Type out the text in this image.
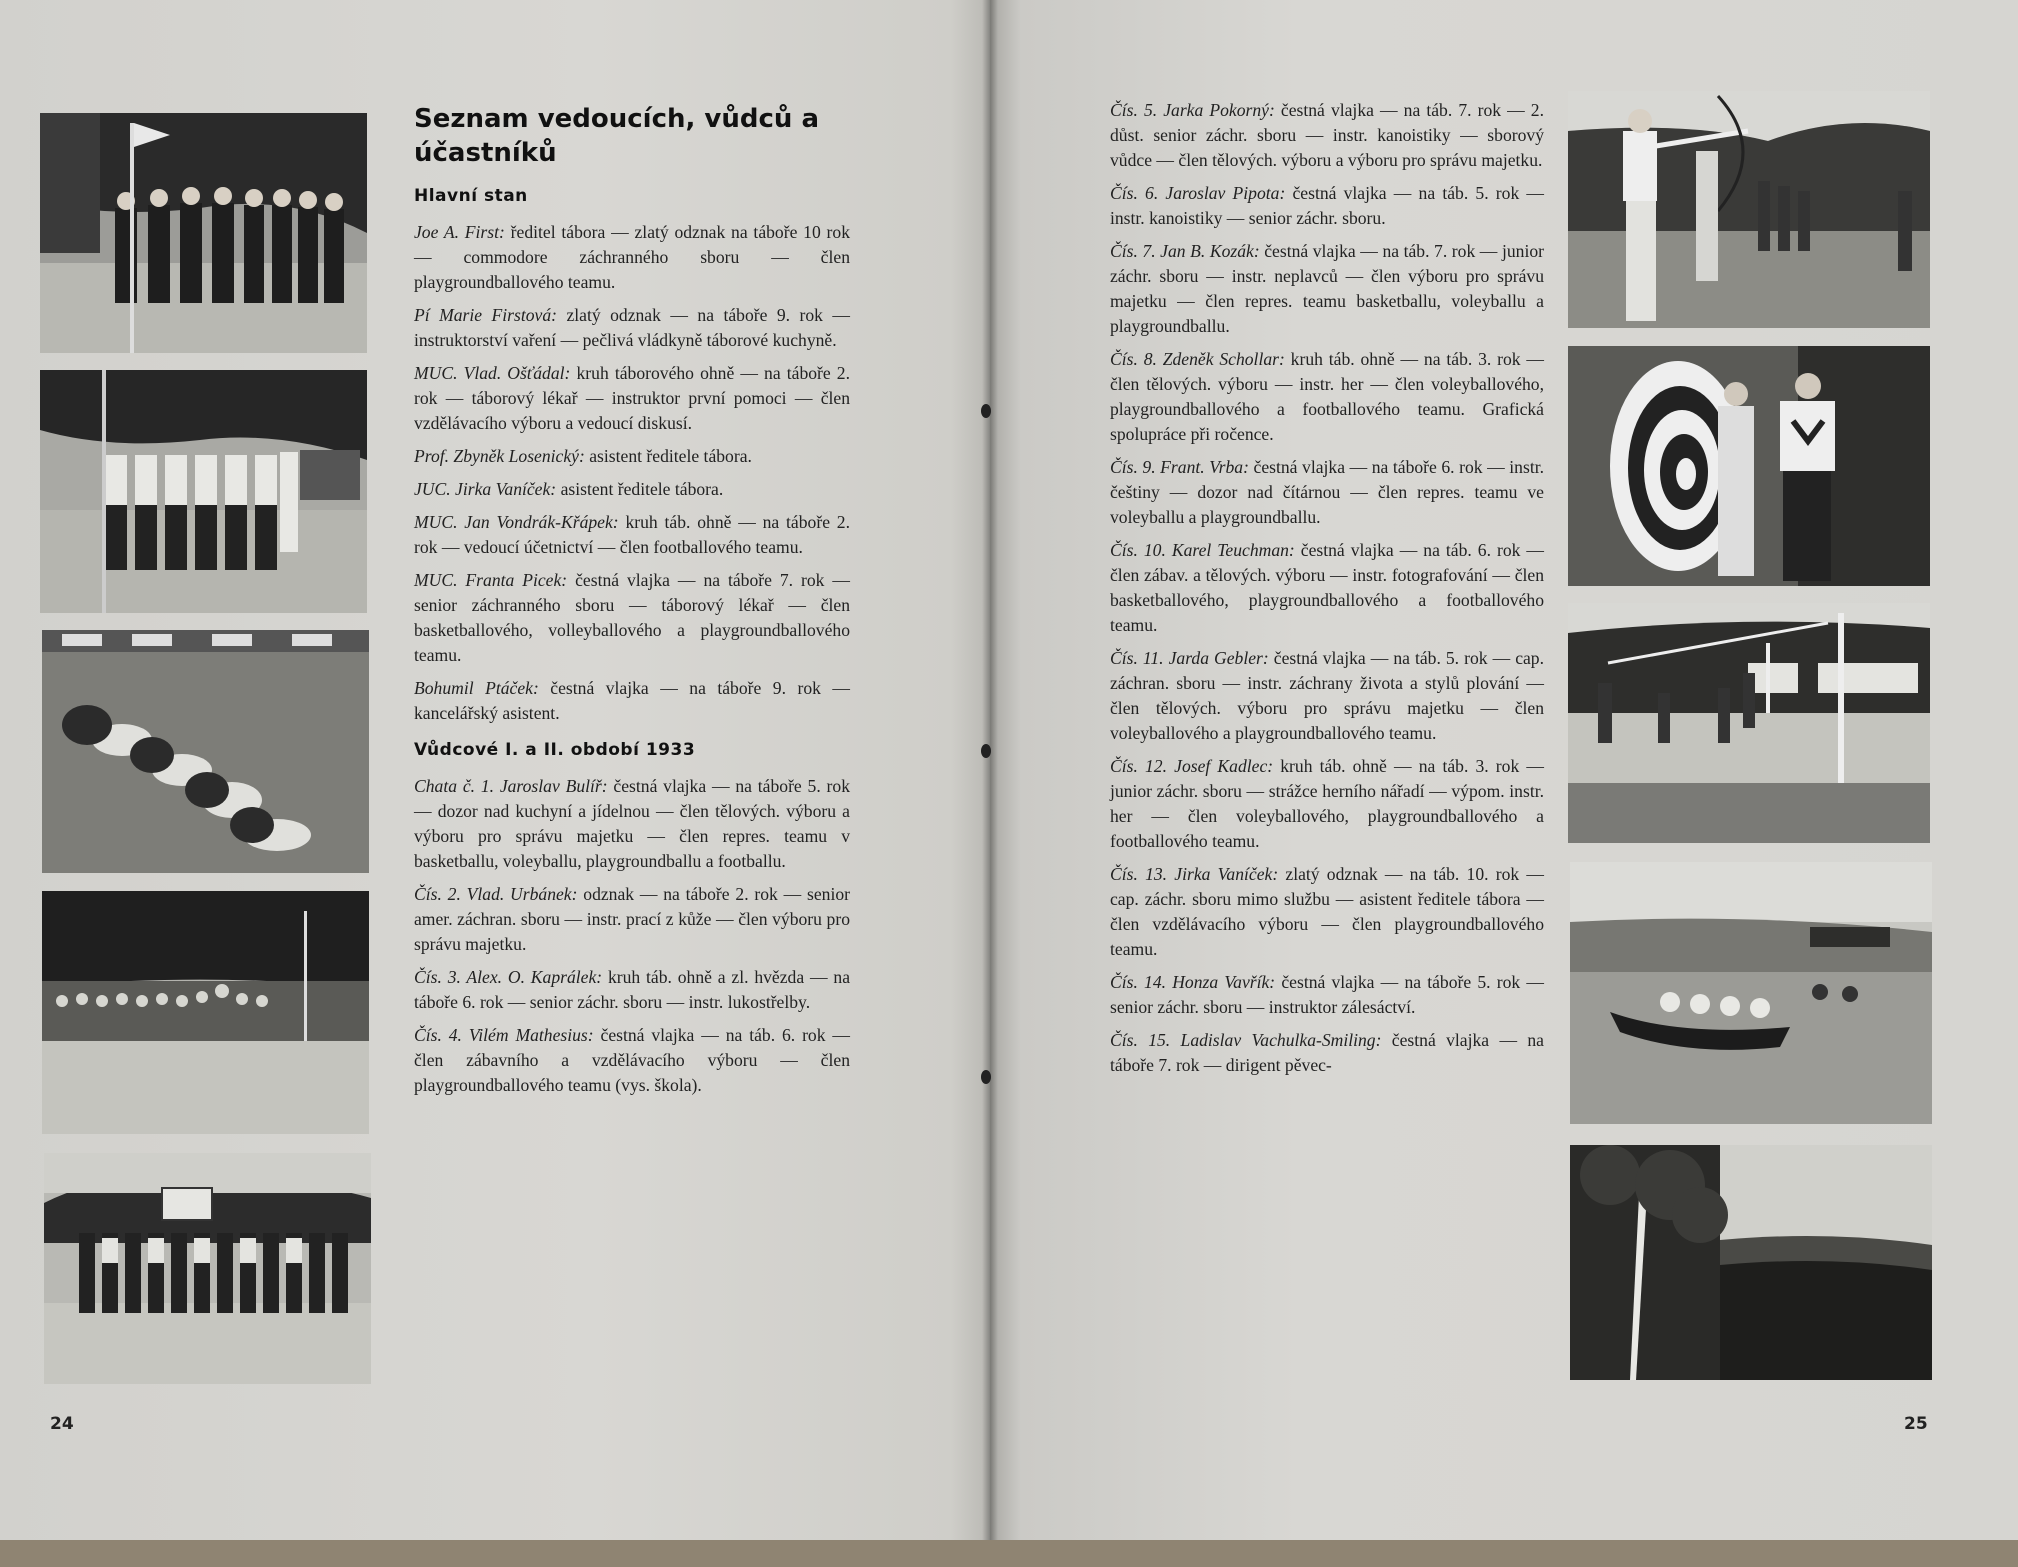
Seznam vedoucích, vůdců a účastníků
Hlavní stan

Joe A. First: ředitel tábora — zlatý odznak na táboře 10 rok — commodore záchranného sboru — člen playgroundballového teamu.

Pí Marie Firstová: zlatý odznak — na táboře 9. rok — instruktorství vaření — pečlivá vládkyně táborové kuchyně.

MUC. Vlad. Ošťádal: kruh táborového ohně — na táboře 2. rok — táborový lékař — instruktor první pomoci — člen vzdělávacího výboru a vedoucí diskusí.

Prof. Zbyněk Losenický: asistent ředitele tábora.

JUC. Jirka Vaníček: asistent ředitele tábora.

MUC. Jan Vondrák-Křápek: kruh táb. ohně — na táboře 2. rok — vedoucí účetnictví — člen footballového teamu.

MUC. Franta Picek: čestná vlajka — na táboře 7. rok — senior záchranného sboru — táborový lékař — člen basketballového, volleyballového a playgroundballového teamu.

Bohumil Ptáček: čestná vlajka — na táboře 9. rok — kancelářský asistent.

Vůdcové I. a II. období 1933

Chata č. 1. Jaroslav Bulíř: čestná vlajka — na táboře 5. rok — dozor nad kuchyní a jídelnou — člen tělových. výboru a výboru pro správu majetku — člen repres. teamu v basketballu, voleyballu, playgroundballu a footballu.

Čís. 2. Vlad. Urbánek: odznak — na táboře 2. rok — senior amer. záchran. sboru — instr. prací z kůže — člen výboru pro správu majetku.

Čís. 3. Alex. O. Kaprálek: kruh táb. ohně a zl. hvězda — na táboře 6. rok — senior záchr. sboru — instr. lukostřelby.

Čís. 4. Vilém Mathesius: čestná vlajka — na táb. 6. rok — člen zábavního a vzdělávacího výboru — člen playgroundballového teamu (vys. škola).

24

Čís. 5. Jarka Pokorný: čestná vlajka — na táb. 7. rok — 2. důst. senior záchr. sboru — instr. kanoistiky — sborový vůdce — člen tělových. výboru a výboru pro správu majetku.

Čís. 6. Jaroslav Pipota: čestná vlajka — na táb. 5. rok — instr. kanoistiky — senior záchr. sboru.

Čís. 7. Jan B. Kozák: čestná vlajka — na táb. 7. rok — junior záchr. sboru — instr. neplavců — člen výboru pro správu majetku — člen repres. teamu basketballu, voleyballu a playgroundballu.

Čís. 8. Zdeněk Schollar: kruh táb. ohně — na táb. 3. rok — člen tělových. výboru — instr. her — člen voleyballového, playgroundballového a footballového teamu. Grafická spolupráce při ročence.

Čís. 9. Frant. Vrba: čestná vlajka — na táboře 6. rok — instr. češtiny — dozor nad čítárnou — člen repres. teamu ve voleyballu a playgroundballu.

Čís. 10. Karel Teuchman: čestná vlajka — na táb. 6. rok — člen zábav. a tělových. výboru — instr. fotografování — člen basketballového, playgroundballového a footballového teamu.

Čís. 11. Jarda Gebler: čestná vlajka — na táb. 5. rok — cap. záchran. sboru — instr. záchrany života a stylů plování — člen tělových. výboru pro správu majetku — člen voleyballového a playgroundballového teamu.

Čís. 12. Josef Kadlec: kruh táb. ohně — na táb. 3. rok — junior záchr. sboru — strážce herního nářadí — výpom. instr. her — člen voleyballového, playgroundballového a footballového teamu.

Čís. 13. Jirka Vaníček: zlatý odznak — na táb. 10. rok — cap. záchr. sboru mimo službu — asistent ředitele tábora — člen vzdělávacího výboru — člen playgroundballového teamu.

Čís. 14. Honza Vavřík: čestná vlajka — na táboře 5. rok — senior záchr. sboru — instruktor zálesáctví.

Čís. 15. Ladislav Vachulka-Smiling: čestná vlajka — na táboře 7. rok — dirigent pěvec-

25
